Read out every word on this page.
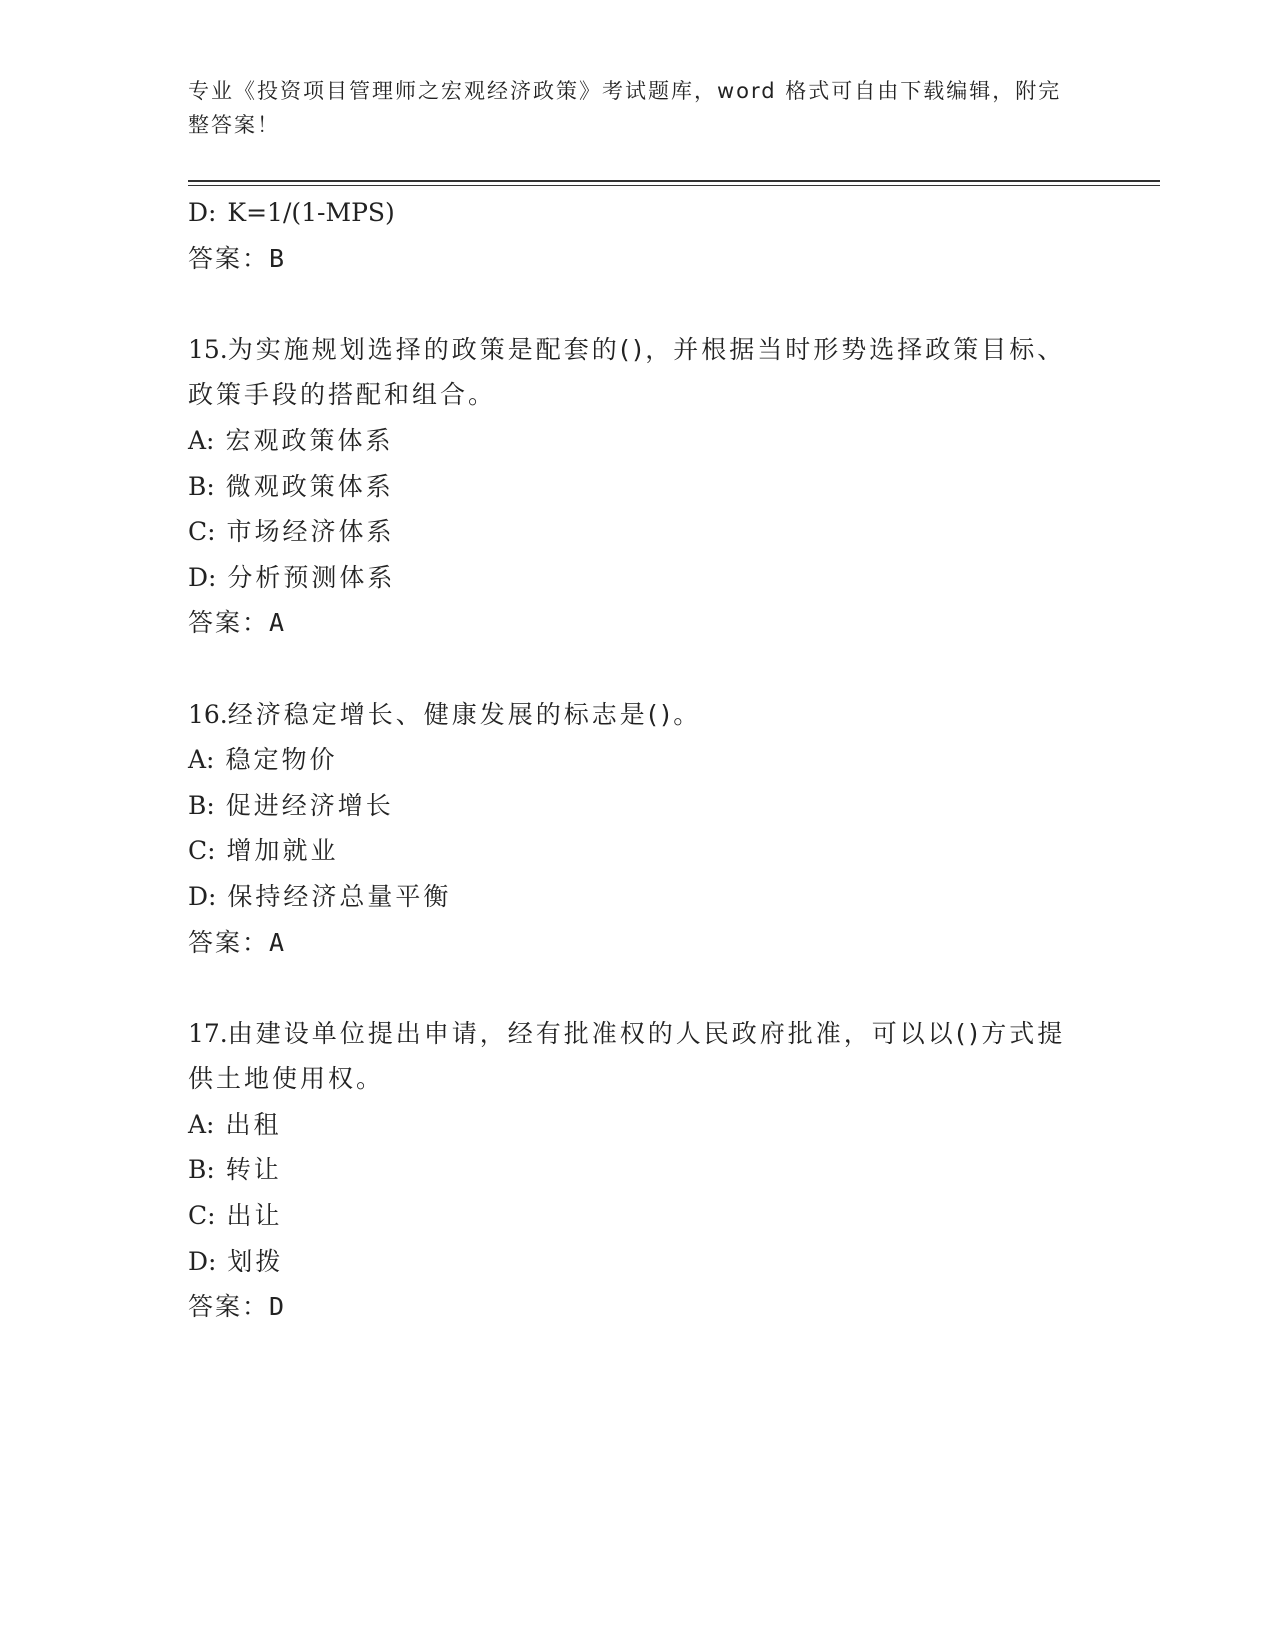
专业《投资项目管理师之宏观经济政策》考试题库，word 格式可自由下载编辑，附完整答案！
D: K=1/(1-MPS)
答案：B
15.为实施规划选择的政策是配套的()，并根据当时形势选择政策目标、政策手段的搭配和组合。
A: 宏观政策体系
B: 微观政策体系
C: 市场经济体系
D: 分析预测体系
答案：A
16.经济稳定增长、健康发展的标志是()。
A: 稳定物价
B: 促进经济增长
C: 增加就业
D: 保持经济总量平衡
答案：A
17.由建设单位提出申请，经有批准权的人民政府批准，可以以()方式提供土地使用权。
A: 出租
B: 转让
C: 出让
D: 划拨
答案：D
